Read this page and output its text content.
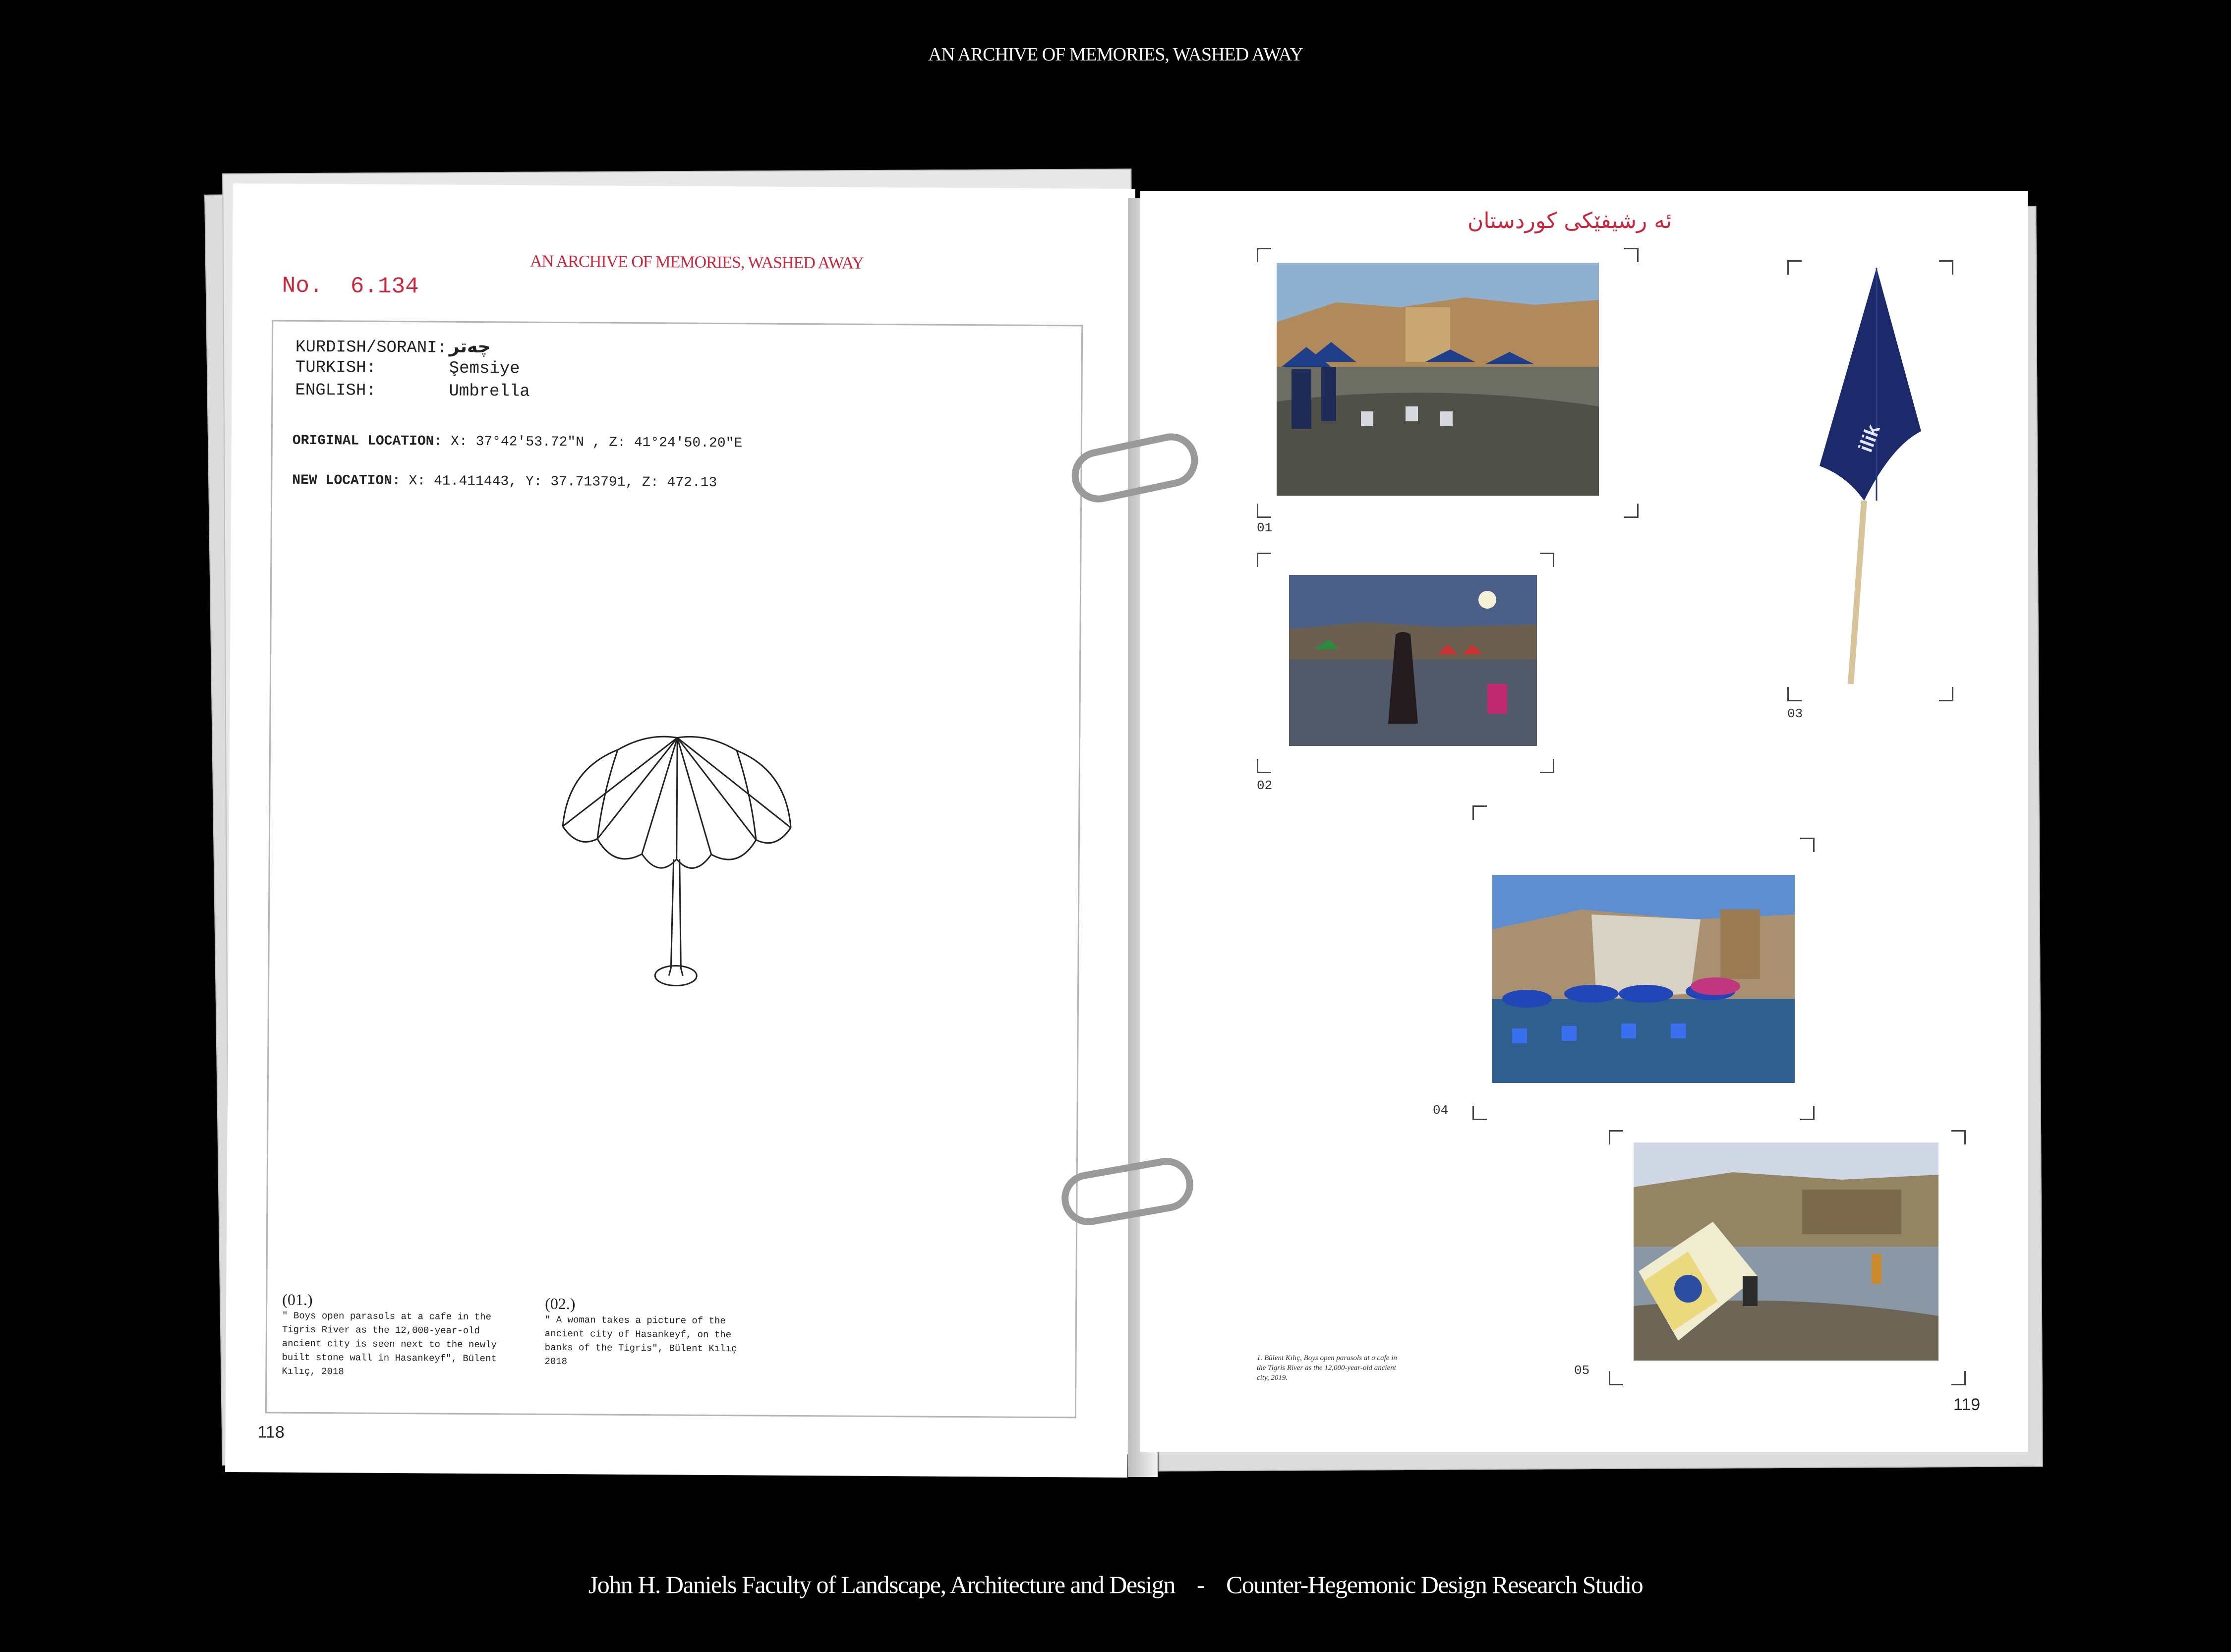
AN ARCHIVE OF MEMORIES, WASHED AWAY
AN ARCHIVE OF MEMORIES, WASHED AWAY
No. 6.134
KURDISH/SORANI: چەتر
TURKISH:	Şemsiye
ENGLISH:	Umbrella
ORIGINAL LOCATION: X: 37°42'53.72"N , Z: 41°24'50.20"E
NEW LOCATION: X: 41.411443, Y: 37.713791, Z: 472.13
(01.)
" Boys open parasols at a cafe in the Tigris River as the 12,000-year-old ancient city is seen next to the newly built stone wall in Hasankeyf", Bülent Kılıç, 2018
(02.)
" A woman takes a picture of the ancient city of Hasankeyf, on the banks of the Tigris", Bülent Kılıç 2018
118
ئە رشیفێکی کوردستان
01
02
ilik
03
04
05
1. Bülent Kılıç, Boys open parasols at a cafe in the Tigris River as the 12,000-year-old ancient city, 2019.
119
John H. Daniels Faculty of Landscape, Architecture and Design - Counter-Hegemonic Design Research Studio
